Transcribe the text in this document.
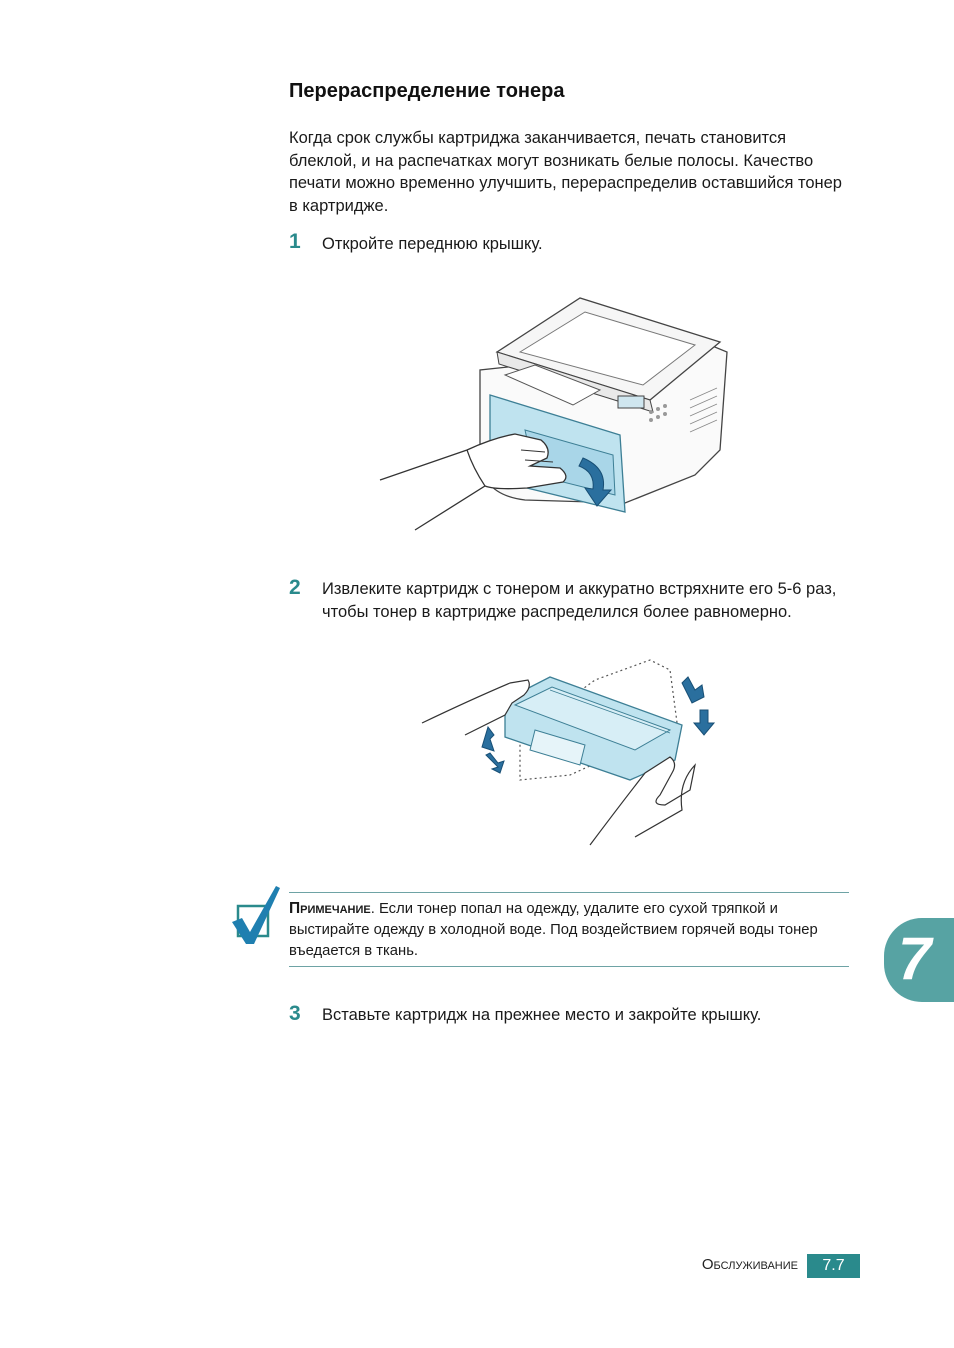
Перераспределение тонера
Когда срок службы картриджа заканчивается, печать становится блеклой, и на распечатках могут возникать белые полосы. Качество печати можно временно улучшить, перераспределив оставшийся тонер в картридже.
1 Откройте переднюю крышку.
2 Извлеките картридж с тонером и аккуратно встряхните его 5-6 раз, чтобы тонер в картридже распределился более равномерно.
Примечание. Если тонер попал на одежду, удалите его сухой тряпкой и выстирайте одежду в холодной воде. Под воздействием горячей воды тонер въедается в ткань.	7
3 Вставьте картридж на прежнее место и закройте крышку.
Обслуживание	7.7
